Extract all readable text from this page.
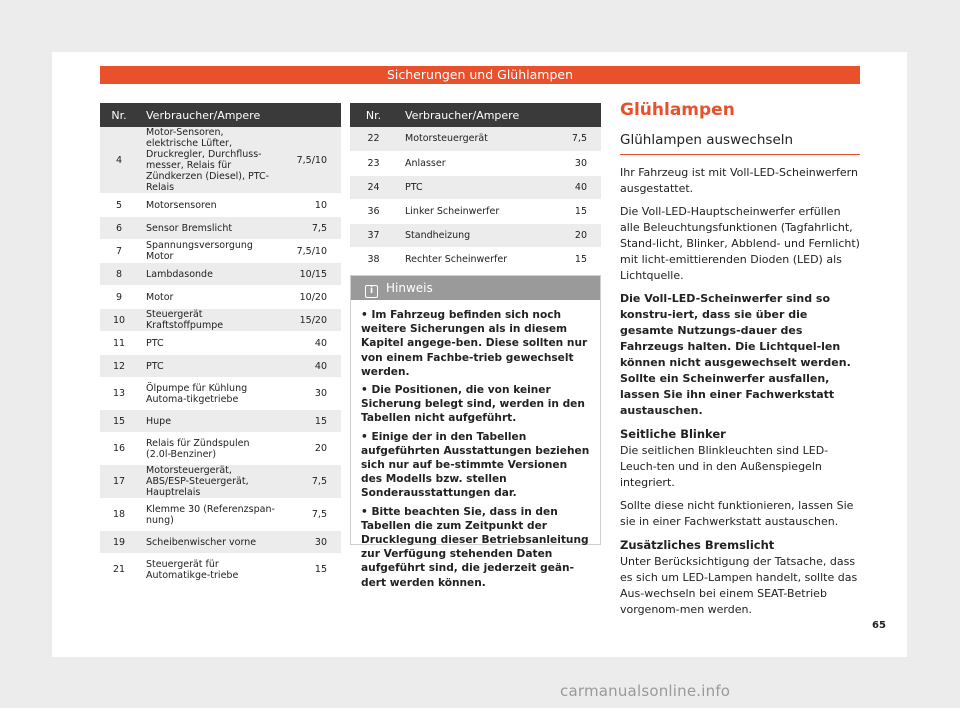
Sicherungen und Glühlampen
Nr.	Verbraucher/Ampere	
4	Motor-Sensoren, elektrische Lüfter, Druckregler, Durchfluss-messer, Relais für Zündkerzen (Diesel), PTC-Relais	7,5/10
5	Motorsensoren	10
6	Sensor Bremslicht	7,5
7	Spannungsversorgung Motor	7,5/10
8	Lambdasonde	10/15
9	Motor	10/20
10	Steuergerät Kraftstoffpumpe	15/20
11	PTC	40
12	PTC	40
13	Ölpumpe für Kühlung Automa-tikgetriebe	30
15	Hupe	15
16	Relais für Zündspulen (2.0l-Benziner)	20
17	Motorsteuergerät, ABS/ESP-Steuergerät, Hauptrelais	7,5
18	Klemme 30 (Referenzspan-nung)	7,5
19	Scheibenwischer vorne	30
21	Steuergerät für Automatikge-triebe	15
Nr.	Verbraucher/Ampere	
22	Motorsteuergerät	7,5
23	Anlasser	30
24	PTC	40
36	Linker Scheinwerfer	15
37	Standheizung	20
38	Rechter Scheinwerfer	15
i Hinweis

• Im Fahrzeug befinden sich noch weitere Sicherungen als in diesem Kapitel angege-ben. Diese sollten nur von einem Fachbe-trieb gewechselt werden.

• Die Positionen, die von keiner Sicherung belegt sind, werden in den Tabellen nicht aufgeführt.

• Einige der in den Tabellen aufgeführten Ausstattungen beziehen sich nur auf be-stimmte Versionen des Modells bzw. stellen Sonderausstattungen dar.

• Bitte beachten Sie, dass in den Tabellen die zum Zeitpunkt der Drucklegung dieser Betriebsanleitung zur Verfügung stehenden Daten aufgeführt sind, die jederzeit geän-dert werden können.

Glühlampen
Glühlampen auswechseln

Ihr Fahrzeug ist mit Voll-LED-Scheinwerfern ausgestattet.

Die Voll-LED-Hauptscheinwerfer erfüllen alle Beleuchtungsfunktionen (Tagfahrlicht, Stand-licht, Blinker, Abblend- und Fernlicht) mit licht-emittierenden Dioden (LED) als Lichtquelle.

Die Voll-LED-Scheinwerfer sind so konstru-iert, dass sie über die gesamte Nutzungs-dauer des Fahrzeugs halten. Die Lichtquel-len können nicht ausgewechselt werden. Sollte ein Scheinwerfer ausfallen, lassen Sie ihn einer Fachwerkstatt austauschen.

Seitliche Blinker

Die seitlichen Blinkleuchten sind LED-Leuch-ten und in den Außenspiegeln integriert.

Sollte diese nicht funktionieren, lassen Sie sie in einer Fachwerkstatt austauschen.

Zusätzliches Bremslicht

Unter Berücksichtigung der Tatsache, dass es sich um LED-Lampen handelt, sollte das Aus-wechseln bei einem SEAT-Betrieb vorgenom-men werden.

65
carmanualsonline.info
